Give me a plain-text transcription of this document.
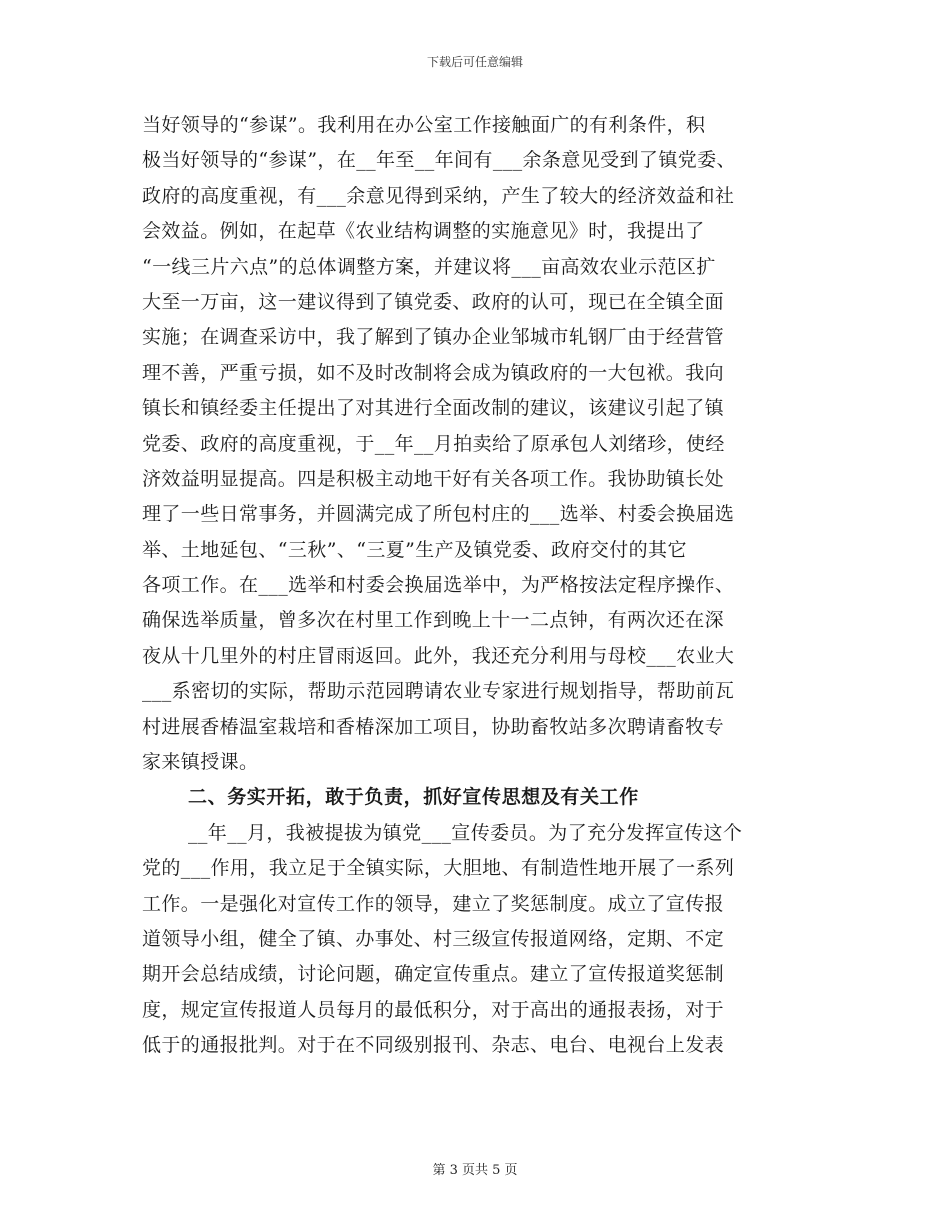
下载后可任意编辑
当好领导的“参谋”。我利用在办公室工作接触面广的有利条件，积
极当好领导的“参谋”，在__年至__年间有___余条意见受到了镇党委、
政府的高度重视，有___余意见得到采纳，产生了较大的经济效益和社
会效益。例如，在起草《农业结构调整的实施意见》时，我提出了
“一线三片六点”的总体调整方案，并建议将___亩高效农业示范区扩
大至一万亩，这一建议得到了镇党委、政府的认可，现已在全镇全面
实施；在调查采访中，我了解到了镇办企业邹城市轧钢厂由于经营管
理不善，严重亏损，如不及时改制将会成为镇政府的一大包袱。我向
镇长和镇经委主任提出了对其进行全面改制的建议，该建议引起了镇
党委、政府的高度重视，于__年__月拍卖给了原承包人刘绪珍，使经
济效益明显提高。四是积极主动地干好有关各项工作。我协助镇长处
理了一些日常事务，并圆满完成了所包村庄的___选举、村委会换届选
举、土地延包、“三秋”、“三夏”生产及镇党委、政府交付的其它
各项工作。在___选举和村委会换届选举中，为严格按法定程序操作、
确保选举质量，曾多次在村里工作到晚上十一二点钟，有两次还在深
夜从十几里外的村庄冒雨返回。此外，我还充分利用与母校___农业大
___系密切的实际，帮助示范园聘请农业专家进行规划指导，帮助前瓦
村进展香椿温室栽培和香椿深加工项目，协助畜牧站多次聘请畜牧专
家来镇授课。
二、务实开拓，敢于负责，抓好宣传思想及有关工作
__年__月，我被提拔为镇党___宣传委员。为了充分发挥宣传这个
党的___作用，我立足于全镇实际，大胆地、有制造性地开展了一系列
工作。一是强化对宣传工作的领导，建立了奖惩制度。成立了宣传报
道领导小组，健全了镇、办事处、村三级宣传报道网络，定期、不定
期开会总结成绩，讨论问题，确定宣传重点。建立了宣传报道奖惩制
度，规定宣传报道人员每月的最低积分，对于高出的通报表扬，对于
低于的通报批判。对于在不同级别报刊、杂志、电台、电视台上发表
第 3 页共 5 页
